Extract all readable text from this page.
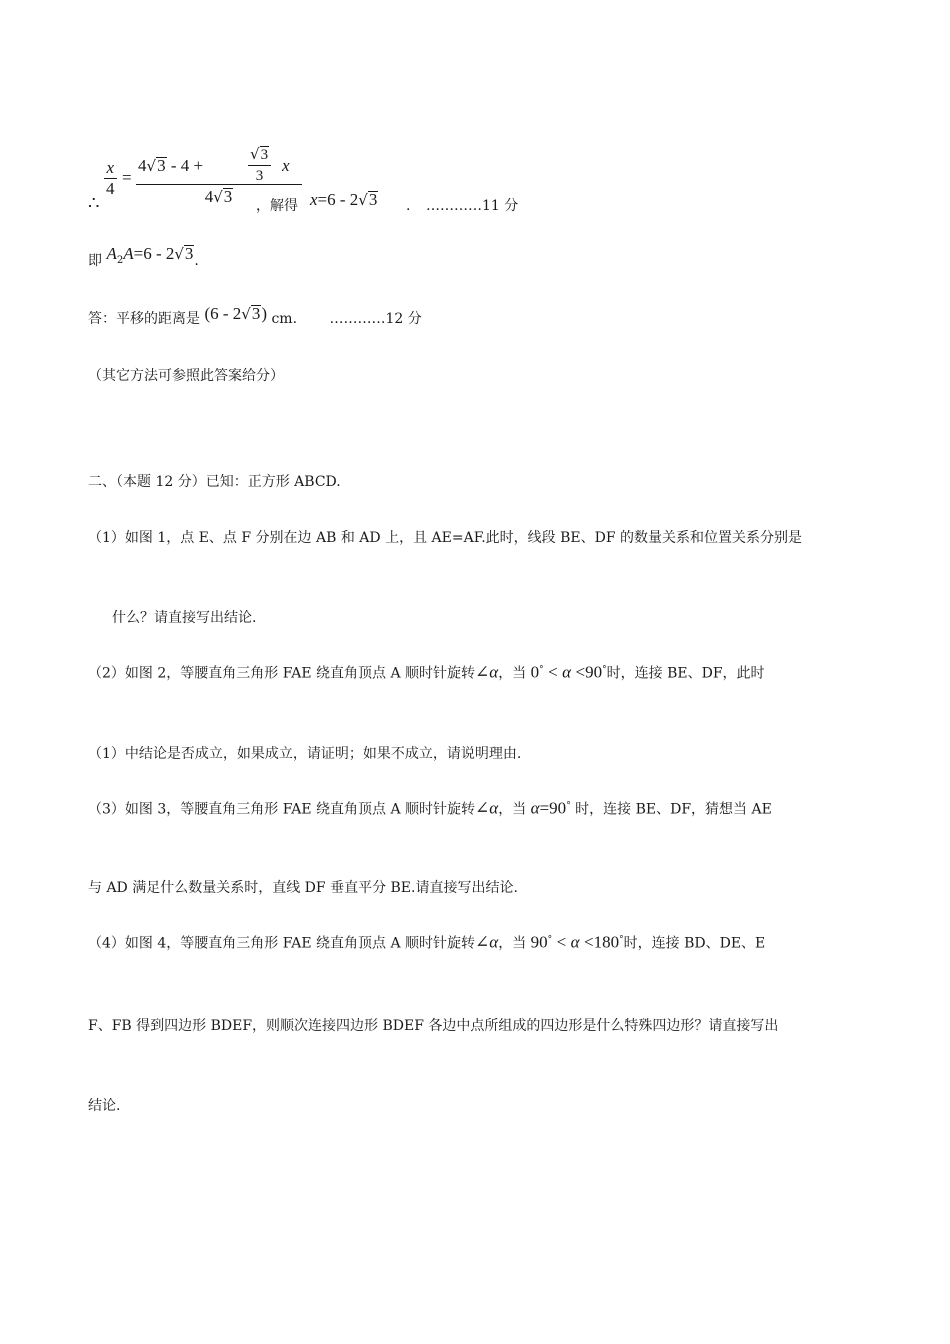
∴
$\frac{x}{4}$ =
4√3 - 4 +	$\frac{√3}{3}$ x
4√3	，解得 x=6 - 2√3 . …………11 分
即 $A_2A=6 - 2√3$.
答：平移的距离是 (6 - 2√3) cm. …………12 分
（其它方法可参照此答案给分）
二、（本题 12 分）已知：正方形 ABCD.
（1）如图 1，点 E、点 F 分别在边 AB 和 AD 上，且 AE=AF.此时，线段 BE、DF 的数量关系和位置关系分别是
什么？请直接写出结论.
（2）如图 2，等腰直角三角形 FAE 绕直角顶点 A 顺时针旋转∠α，当 0° < α <90°时，连接 BE、DF，此时
（1）中结论是否成立，如果成立，请证明；如果不成立，请说明理由.
（3）如图 3，等腰直角三角形 FAE 绕直角顶点 A 顺时针旋转∠α，当 α=90° 时，连接 BE、DF，猜想当 AE
与 AD 满足什么数量关系时，直线 DF 垂直平分 BE.请直接写出结论.
（4）如图 4，等腰直角三角形 FAE 绕直角顶点 A 顺时针旋转∠α，当 90° < α <180°时，连接 BD、DE、E
F、FB 得到四边形 BDEF，则顺次连接四边形 BDEF 各边中点所组成的四边形是什么特殊四边形？请直接写出
结论.
